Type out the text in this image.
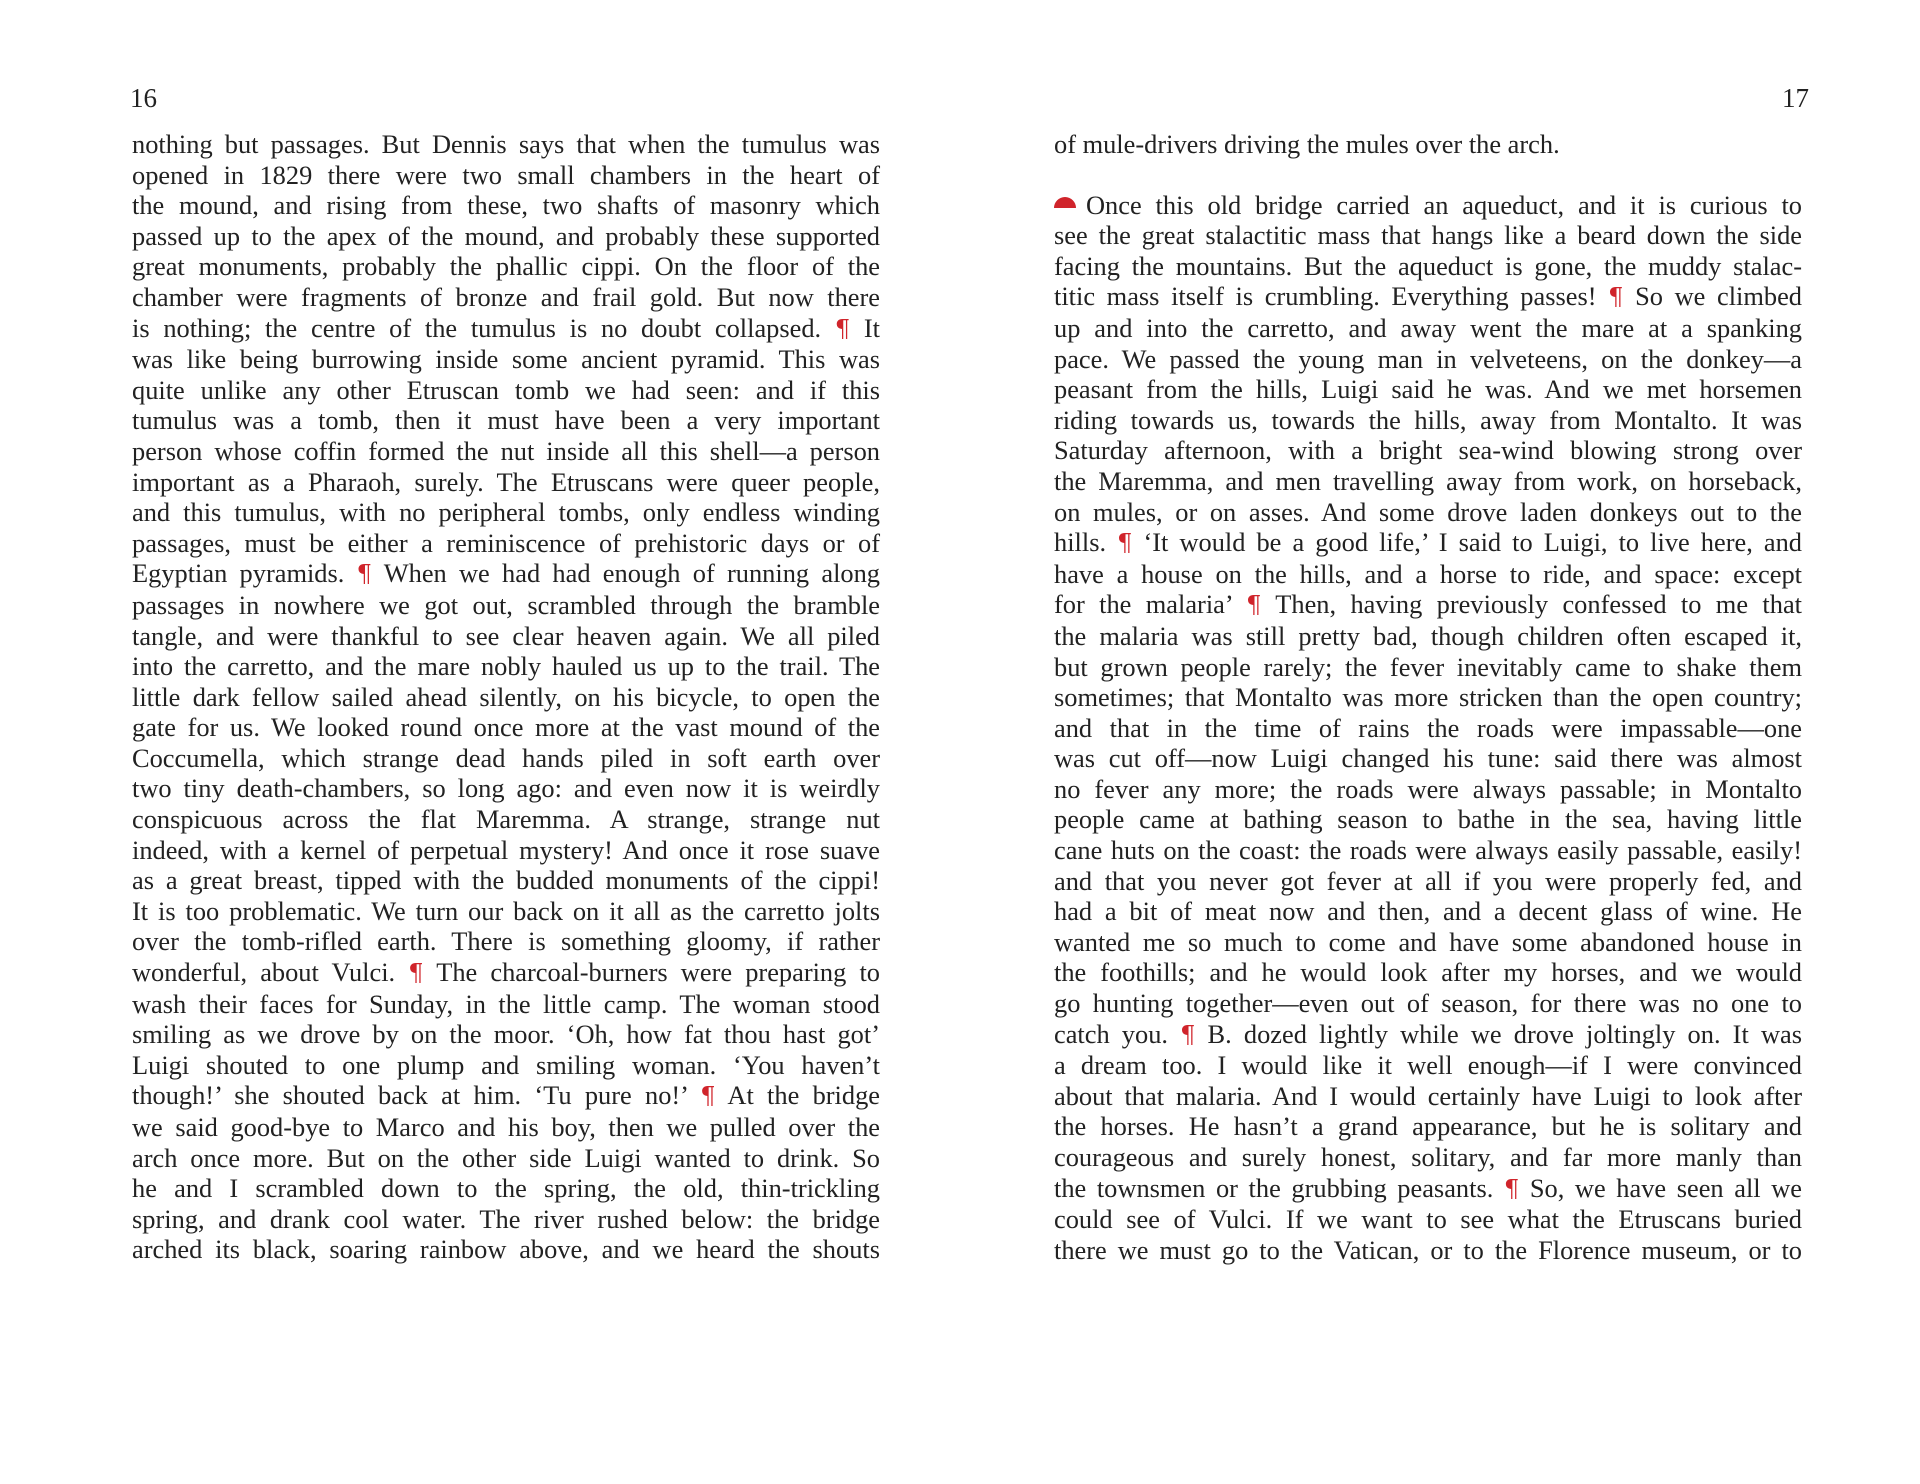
16
nothing but passages. But Dennis says that when the tumulus was
opened in 1829 there were two small chambers in the heart of
the mound, and rising from these, two shafts of masonry which
passed up to the apex of the mound, and probably these supported
great monuments, probably the phallic cippi. On the floor of the
chamber were fragments of bronze and frail gold. But now there
is nothing; the centre of the tumulus is no doubt collapsed. ¶ It
was like being burrowing inside some ancient pyramid. This was
quite unlike any other Etruscan tomb we had seen: and if this
tumulus was a tomb, then it must have been a very important
person whose coffin formed the nut inside all this shell—a person
important as a Pharaoh, surely. The Etruscans were queer people,
and this tumulus, with no peripheral tombs, only endless winding
passages, must be either a reminiscence of prehistoric days or of
Egyptian pyramids. ¶ When we had had enough of running along
passages in nowhere we got out, scrambled through the bramble
tangle, and were thankful to see clear heaven again. We all piled
into the carretto, and the mare nobly hauled us up to the trail. The
little dark fellow sailed ahead silently, on his bicycle, to open the
gate for us. We looked round once more at the vast mound of the
Coccumella, which strange dead hands piled in soft earth over
two tiny death-chambers, so long ago: and even now it is weirdly
conspicuous across the flat Maremma. A strange, strange nut
indeed, with a kernel of perpetual mystery! And once it rose suave
as a great breast, tipped with the budded monuments of the cippi!
It is too problematic. We turn our back on it all as the carretto jolts
over the tomb-rifled earth. There is something gloomy, if rather
wonderful, about Vulci. ¶ The charcoal-burners were preparing to
wash their faces for Sunday, in the little camp. The woman stood
smiling as we drove by on the moor. ‘Oh, how fat thou hast got’
Luigi shouted to one plump and smiling woman. ‘You haven’t
though!’ she shouted back at him. ‘Tu pure no!’ ¶ At the bridge
we said good-bye to Marco and his boy, then we pulled over the
arch once more. But on the other side Luigi wanted to drink. So
he and I scrambled down to the spring, the old, thin-trickling
spring, and drank cool water. The river rushed below: the bridge
arched its black, soaring rainbow above, and we heard the shouts
17
of mule-drivers driving the mules over the arch.
Once this old bridge carried an aqueduct, and it is curious to
see the great stalactitic mass that hangs like a beard down the side
facing the mountains. But the aqueduct is gone, the muddy stalac-
titic mass itself is crumbling. Everything passes! ¶ So we climbed
up and into the carretto, and away went the mare at a spanking
pace. We passed the young man in velveteens, on the donkey—a
peasant from the hills, Luigi said he was. And we met horsemen
riding towards us, towards the hills, away from Montalto. It was
Saturday afternoon, with a bright sea-wind blowing strong over
the Maremma, and men travelling away from work, on horseback,
on mules, or on asses. And some drove laden donkeys out to the
hills. ¶ ‘It would be a good life,’ I said to Luigi, to live here, and
have a house on the hills, and a horse to ride, and space: except
for the malaria’ ¶ Then, having previously confessed to me that
the malaria was still pretty bad, though children often escaped it,
but grown people rarely; the fever inevitably came to shake them
sometimes; that Montalto was more stricken than the open country;
and that in the time of rains the roads were impassable—one
was cut off—now Luigi changed his tune: said there was almost
no fever any more; the roads were always passable; in Montalto
people came at bathing season to bathe in the sea, having little
cane huts on the coast: the roads were always easily passable, easily!
and that you never got fever at all if you were properly fed, and
had a bit of meat now and then, and a decent glass of wine. He
wanted me so much to come and have some abandoned house in
the foothills; and he would look after my horses, and we would
go hunting together—even out of season, for there was no one to
catch you. ¶ B. dozed lightly while we drove joltingly on. It was
a dream too. I would like it well enough—if I were convinced
about that malaria. And I would certainly have Luigi to look after
the horses. He hasn’t a grand appearance, but he is solitary and
courageous and surely honest, solitary, and far more manly than
the townsmen or the grubbing peasants. ¶ So, we have seen all we
could see of Vulci. If we want to see what the Etruscans buried
there we must go to the Vatican, or to the Florence museum, or to
